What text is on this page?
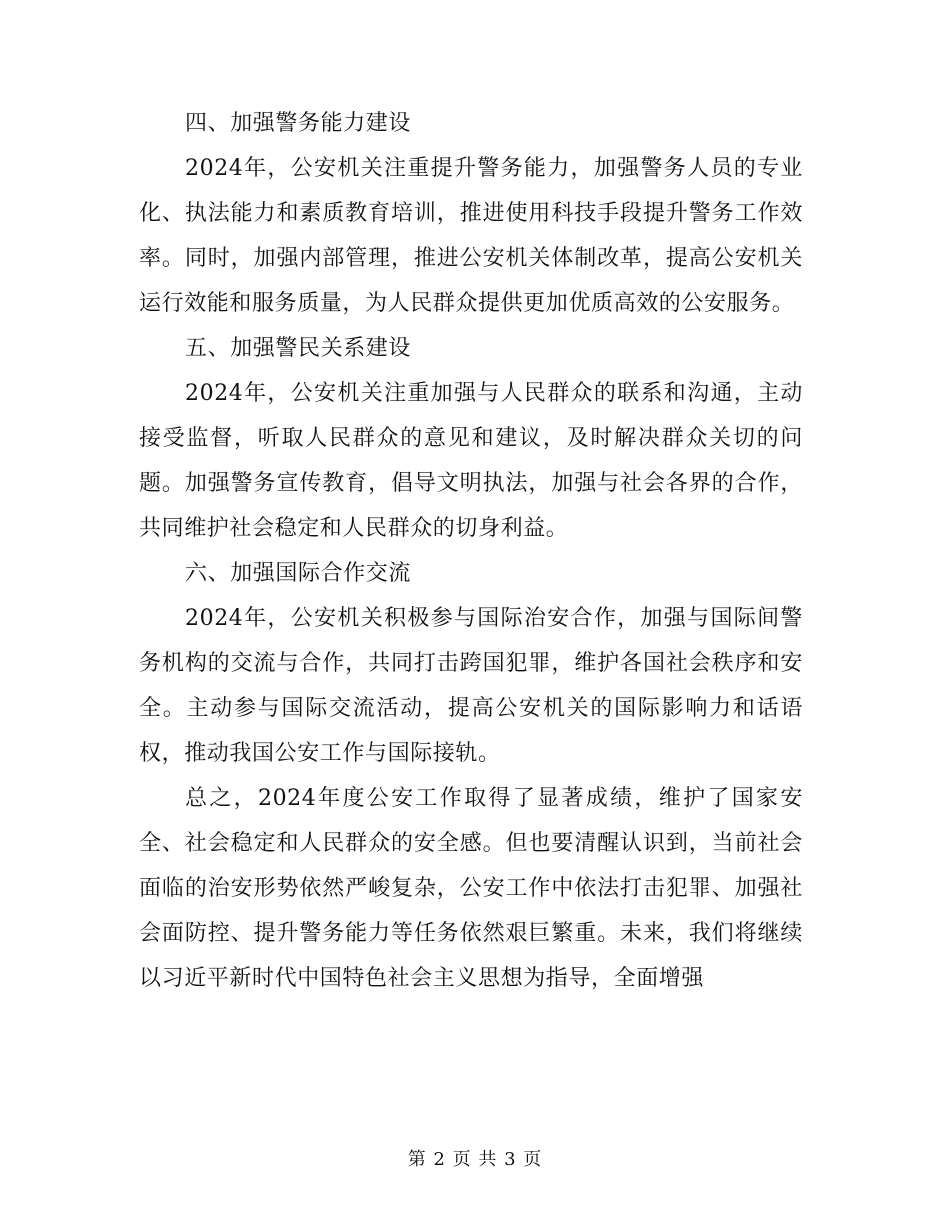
四、加强警务能力建设

2024年，公安机关注重提升警务能力，加强警务人员的专业化、执法能力和素质教育培训，推进使用科技手段提升警务工作效率。同时，加强内部管理，推进公安机关体制改革，提高公安机关运行效能和服务质量，为人民群众提供更加优质高效的公安服务。

五、加强警民关系建设

2024年，公安机关注重加强与人民群众的联系和沟通，主动接受监督，听取人民群众的意见和建议，及时解决群众关切的问题。加强警务宣传教育，倡导文明执法，加强与社会各界的合作，共同维护社会稳定和人民群众的切身利益。

六、加强国际合作交流

2024年，公安机关积极参与国际治安合作，加强与国际间警务机构的交流与合作，共同打击跨国犯罪，维护各国社会秩序和安全。主动参与国际交流活动，提高公安机关的国际影响力和话语权，推动我国公安工作与国际接轨。

总之，2024年度公安工作取得了显著成绩，维护了国家安全、社会稳定和人民群众的安全感。但也要清醒认识到，当前社会面临的治安形势依然严峻复杂，公安工作中依法打击犯罪、加强社会面防控、提升警务能力等任务依然艰巨繁重。未来，我们将继续以习近平新时代中国特色社会主义思想为指导，全面增强

第 2 页 共 3 页
